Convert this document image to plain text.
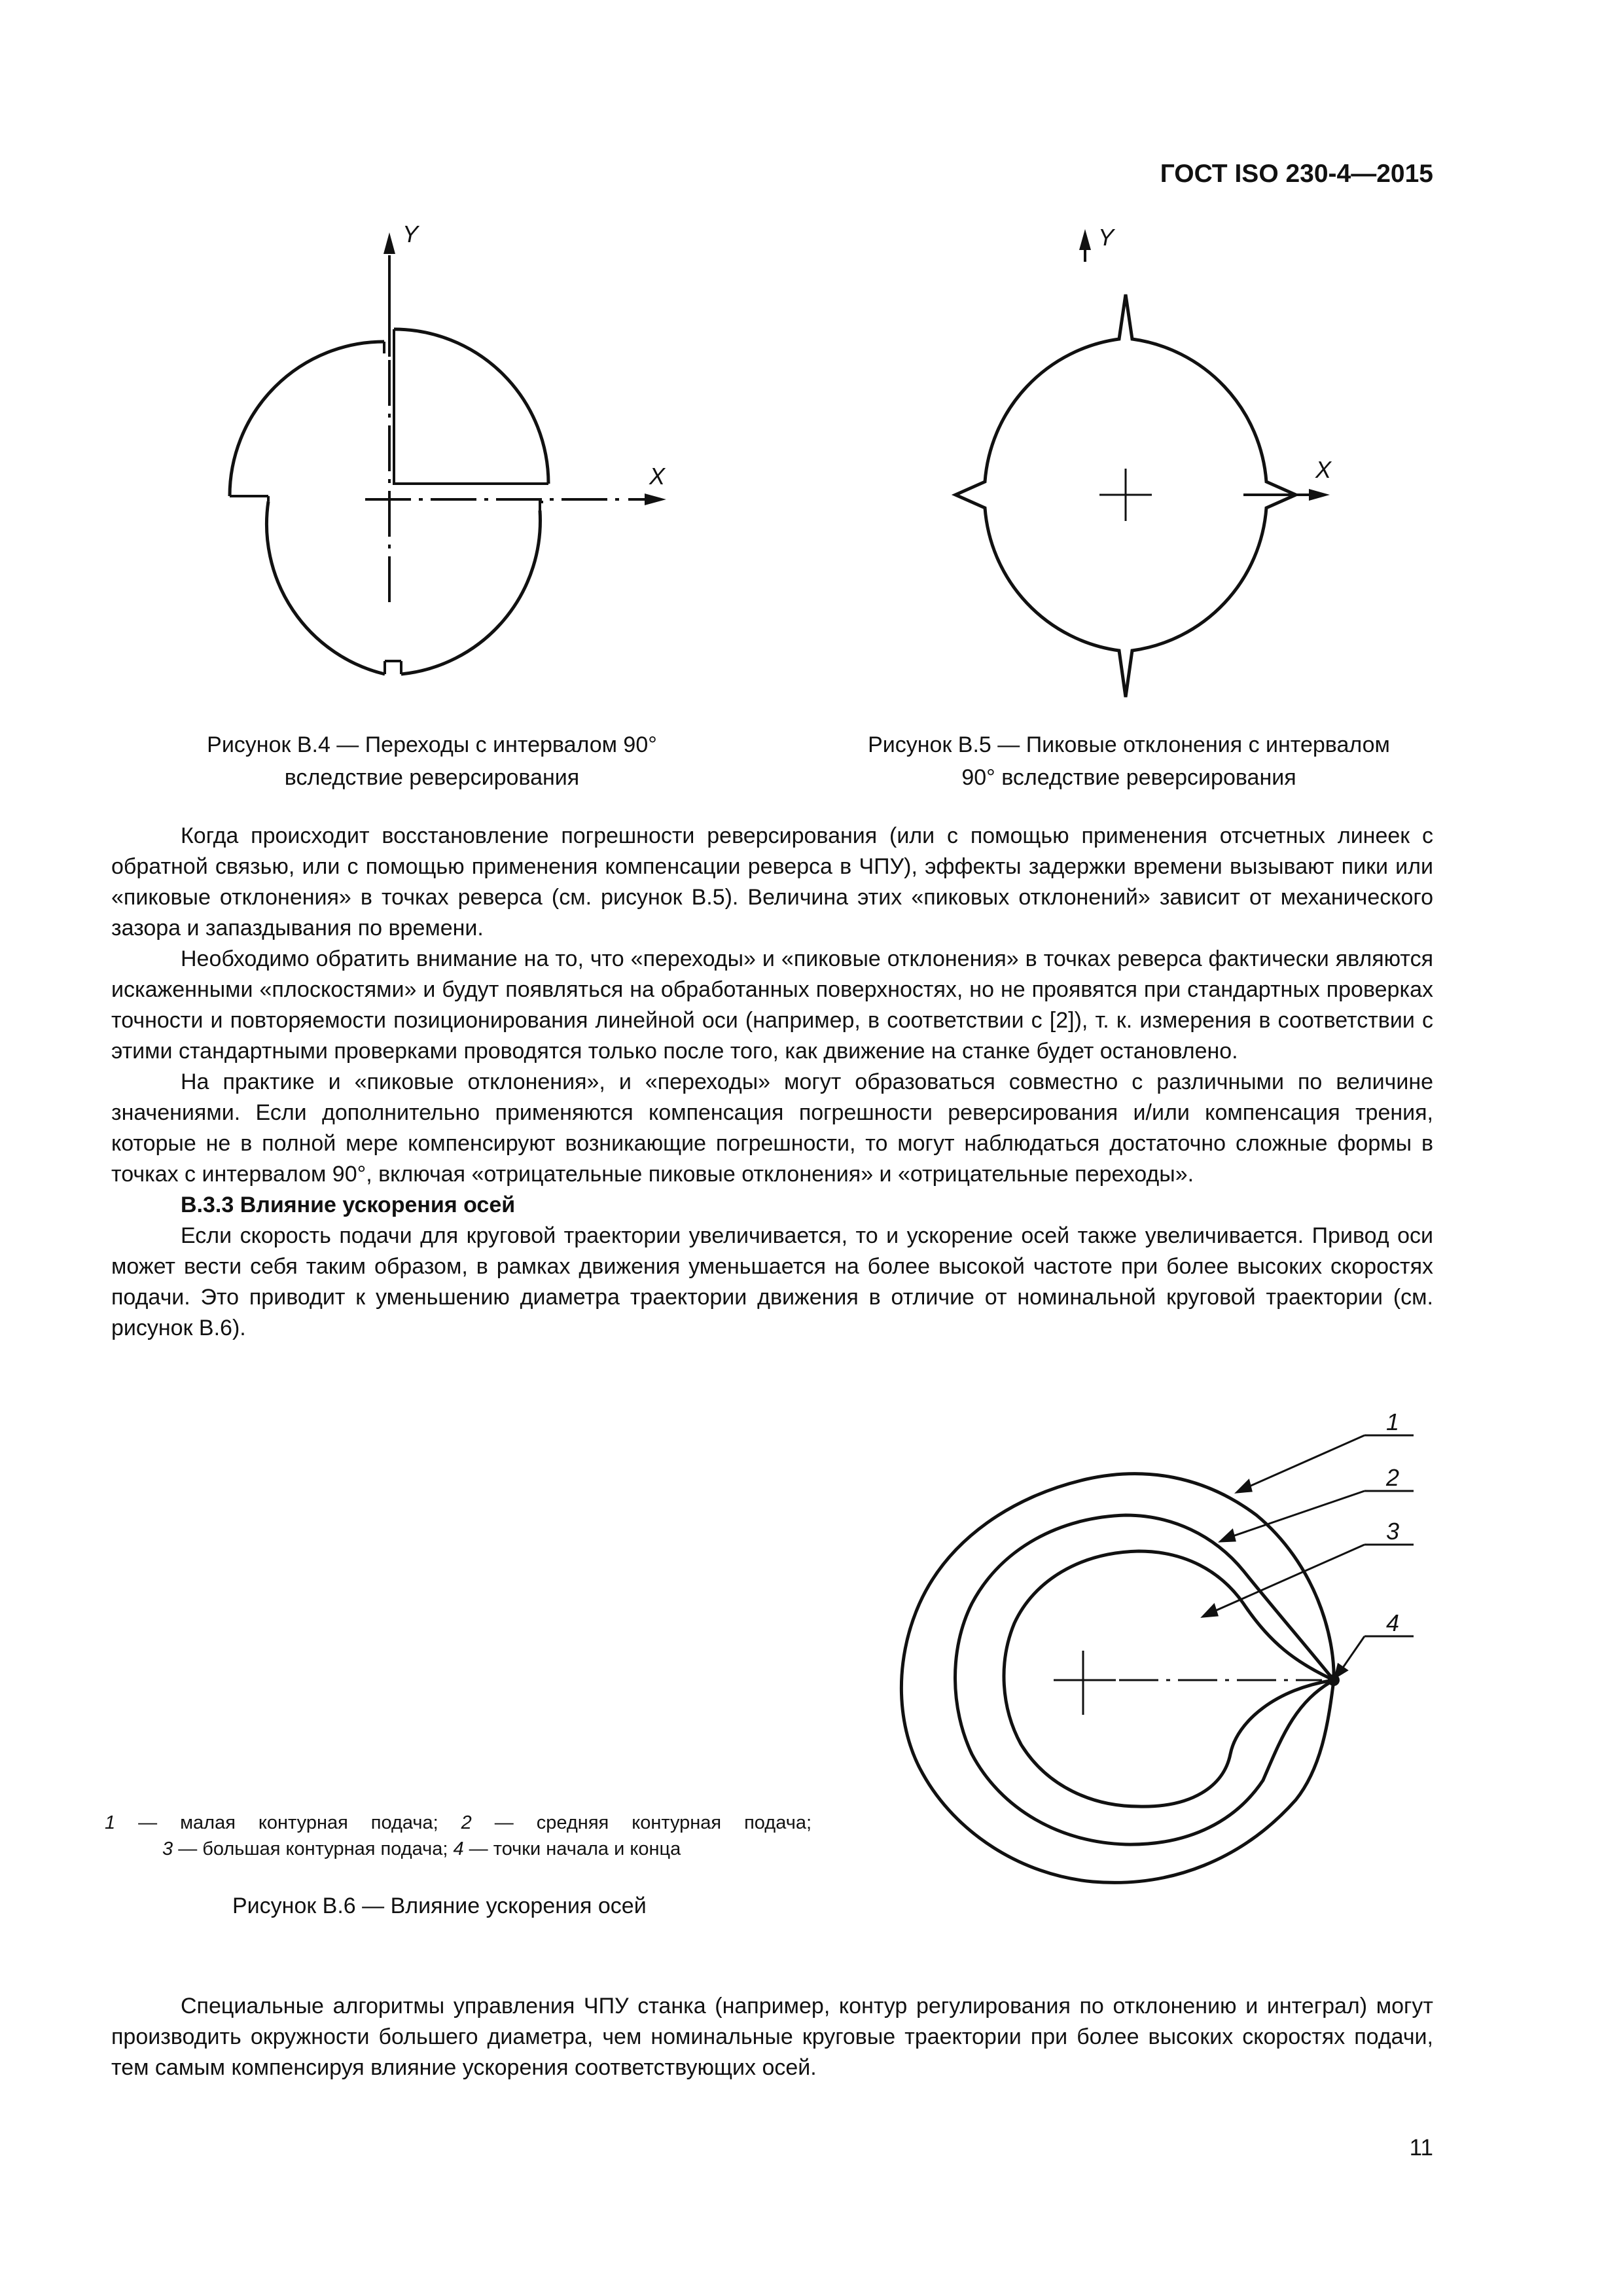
ГОСТ ISO 230-4—2015
Y
X
Y
X
Рисунок В.4 — Переходы с интервалом 90°
вследствие реверсирования
Рисунок В.5 — Пиковые отклонения с интервалом
90° вследствие реверсирования

Когда происходит восстановление погрешности реверсирования (или с помощью применения отсчетных линеек с обратной связью, или с помощью применения компенсации реверса в ЧПУ), эффекты задержки времени вызывают пики или «пиковые отклонения» в точках реверса (см. рисунок В.5). Величина этих «пиковых отклонений» зависит от механического зазора и запаздывания по времени.

Необходимо обратить внимание на то, что «переходы» и «пиковые отклонения» в точках реверса фактически являются искаженными «плоскостями» и будут появляться на обработанных поверхностях, но не проявятся при стандартных проверках точности и повторяемости позиционирования линейной оси (например, в соответствии с [2]), т. к. измерения в соответствии с этими стандартными проверками проводятся только после того, как движение на станке будет остановлено.

На практике и «пиковые отклонения», и «переходы» могут образоваться совместно с различными по величине значениями. Если дополнительно применяются компенсация погрешности реверсирования и/или компенсация трения, которые не в полной мере компенсируют возникающие погрешности, то могут наблюдаться достаточно сложные формы в точках с интервалом 90°, включая «отрицательные пиковые отклонения» и «отрицательные переходы».

В.3.3 Влияние ускорения осей

Если скорость подачи для круговой траектории увеличивается, то и ускорение осей также увеличивается. Привод оси может вести себя таким образом, в рамках движения уменьшается на более высокой частоте при более высоких скоростях подачи. Это приводит к уменьшению диаметра траектории движения в отличие от номинальной круговой траектории (см. рисунок В.6).

1
2
3
4
1 — малая контурная подача; 2 — средняя контурная подача;
3 — большая контурная подача; 4 — точки начала и конца
Рисунок В.6 — Влияние ускорения осей

Специальные алгоритмы управления ЧПУ станка (например, контур регулирования по отклонению и интеграл) могут производить окружности большего диаметра, чем номинальные круговые траектории при более высоких скоростях подачи, тем самым компенсируя влияние ускорения соответствующих осей.

11
